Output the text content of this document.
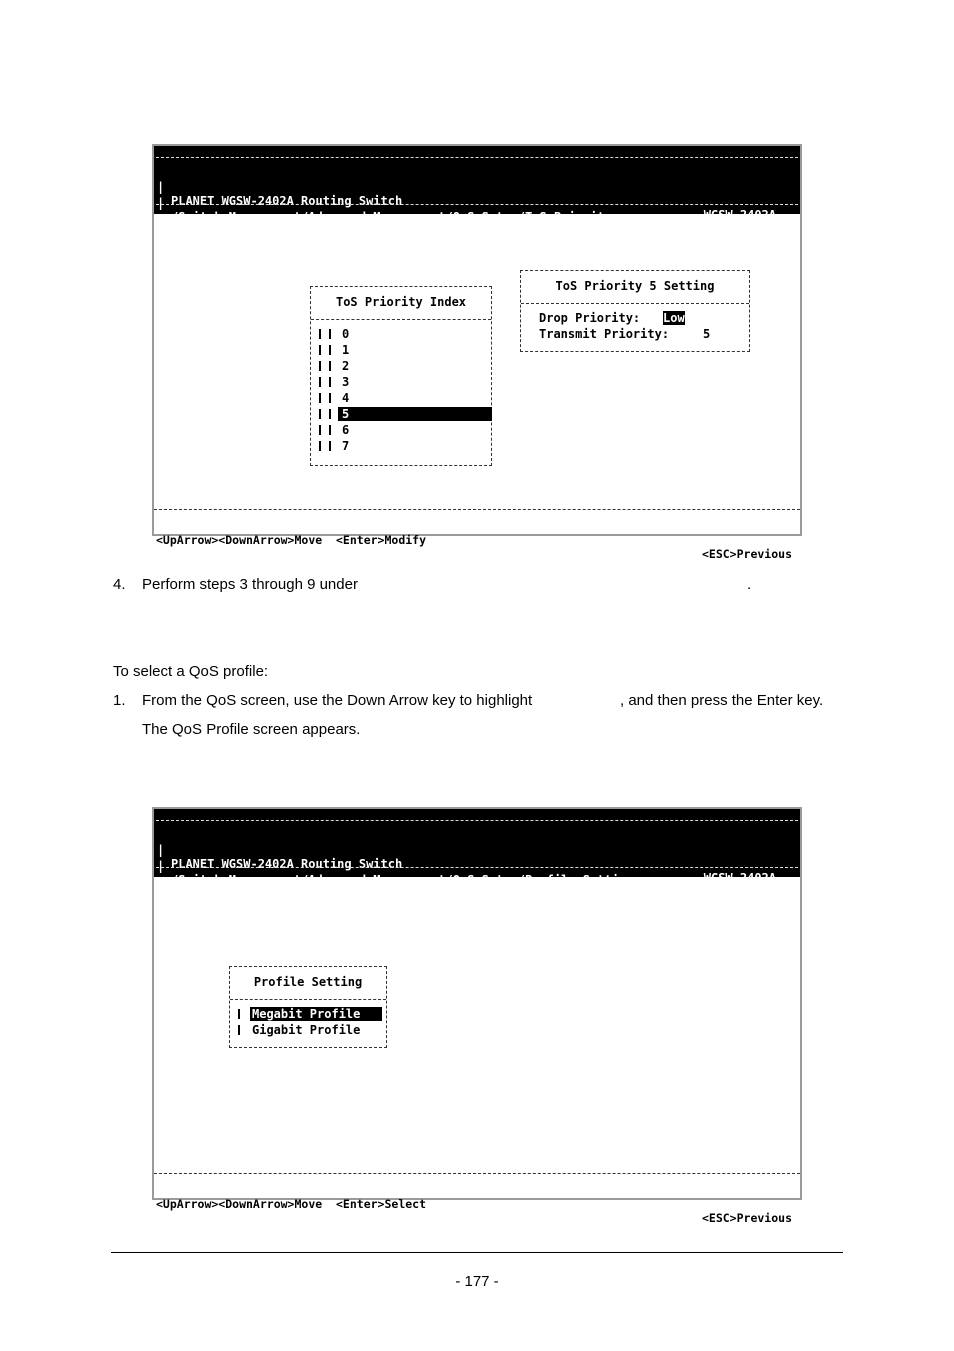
|

PLANET WGSW-2402A Routing Switch

WGSW-2402A

|

|

/Switch Management/Advanced Management/QoS Setup/ToS Priority

admin

|

ToS Priority Index
0
1
2
3
4
5
6
7
ToS Priority 5 Setting
Drop Priority: Low
Transmit Priority:	5

<UpArrow><DownArrow>Move  <Enter>Modify

<ESC>Previous

4. Perform steps 3 through 9 under	.
To select a QoS profile:
1. From the QoS screen, use the Down Arrow key to highlight	, and then press the Enter key.
The QoS Profile screen appears.

|

PLANET WGSW-2402A Routing Switch

WGSW-2402A

|

|

/Switch Management/Advanced Management/QoS Setup/Profile Setting

admin

|

Profile Setting
Megabit Profile
Gigabit Profile

<UpArrow><DownArrow>Move  <Enter>Select

<ESC>Previous

- 177 -
